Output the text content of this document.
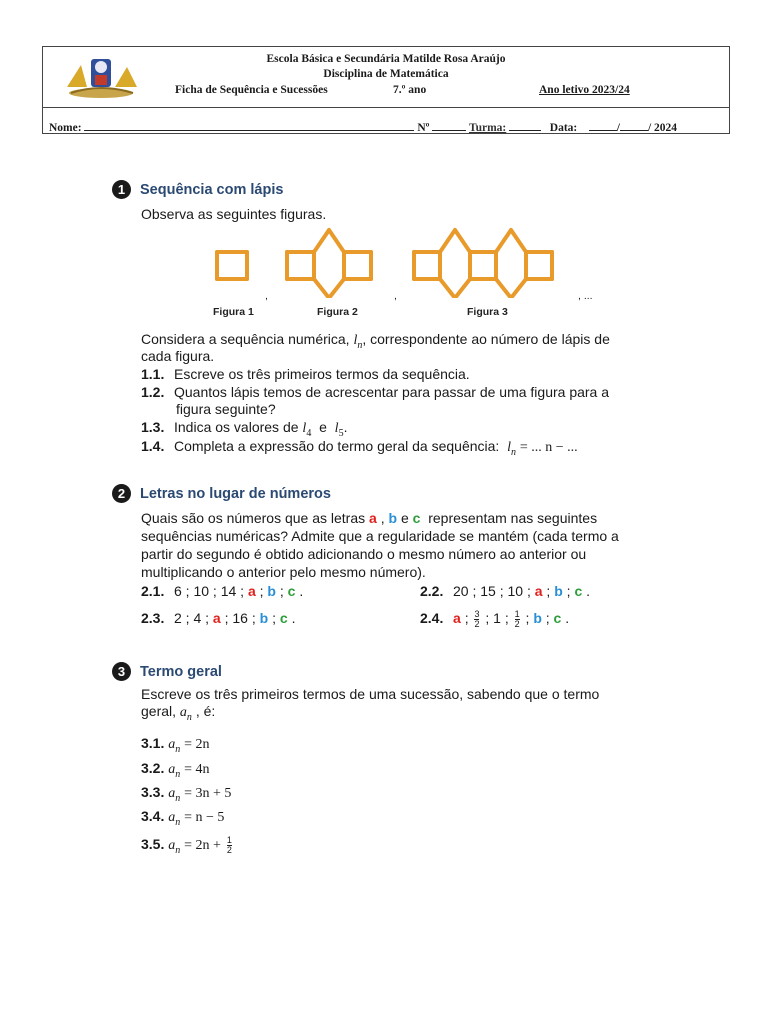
Escola Básica e Secundária Matilde Rosa Araújo
Disciplina de Matemática
Ficha de Sequência e Sucessões	7.º ano	Ano letivo 2023/24
Nome:	Nº	Turma:	Data:	/ / 2024
1	Sequência com lápis
Observa as seguintes figuras.
Figura 1	Figura 2	Figura 3
,	,	, ...
Considera a sequência numérica, $l_n$, correspondente ao número de lápis de
cada figura.
1.1. Escreve os três primeiros termos da sequência.
1.2. Quantos lápis temos de acrescentar para passar de uma figura para a
figura seguinte?
1.3. Indica os valores de $l_4$ e $l_5$.
1.4. Completa a expressão do termo geral da sequência: $l_n$ = ... n − ...
2	Letras no lugar de números
Quais são os números que as letras a , b e c representam nas seguintes
sequências numéricas? Admite que a regularidade se mantém (cada termo a
partir do segundo é obtido adicionando o mesmo número ao anterior ou
multiplicando o anterior pelo mesmo número).
2.1. 6 ; 10 ; 14 ; a ; b ; c .	2.2. 20 ; 15 ; 10 ; a ; b ; c .
2.3. 2 ; 4 ; a ; 16 ; b ; c .	2.4. a ; $\frac{3}{2}$ ; 1 ; $\frac{1}{2}$ ; b ; c .
3	Termo geral
Escreve os três primeiros termos de uma sucessão, sabendo que o termo
geral, $a_n$ , é:
3.1. $a_n = 2n$
3.2. $a_n = 4n$
3.3. $a_n = 3n + 5$
3.4. $a_n = n - 5$
3.5. $a_n = 2n + \frac{1}{2}$
